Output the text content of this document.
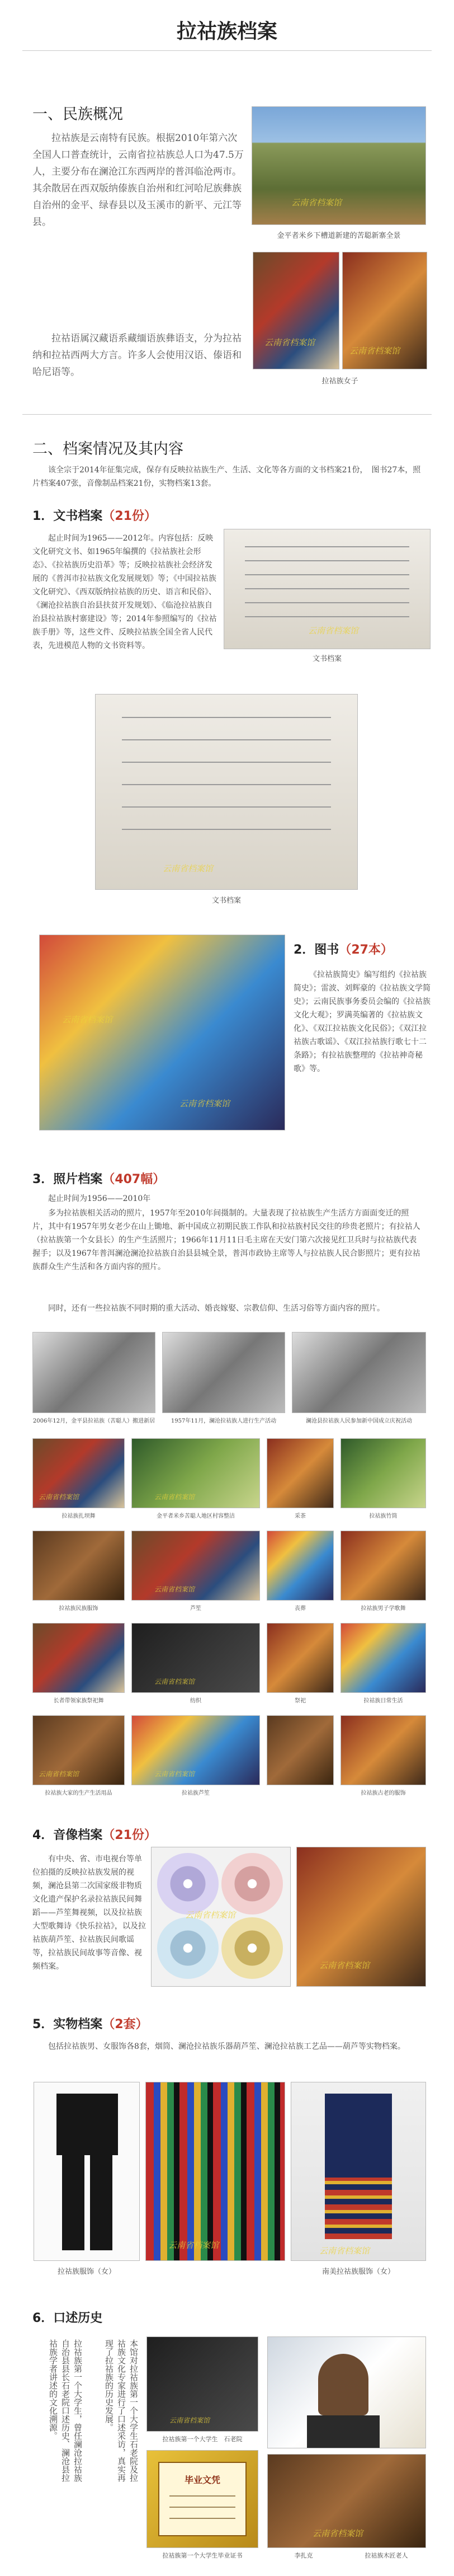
拉祜族档案
一、民族概况

拉祜族是云南特有民族。根据2010年第六次全国人口普查统计，云南省拉祜族总人口为47.5万人，主要分布在澜沧江东西两岸的普洱临沧两市。其余散居在西双版纳傣族自治州和红河哈尼族彝族自治州的金平、绿春县以及玉溪市的新平、元江等县。

拉祜语属汉藏语系藏缅语族彝语支，分为拉祜纳和拉祜西两大方言。许多人会使用汉语、傣语和哈尼语等。

云南省档案馆
金平者米乡下槽道新建的苦聪新寨全景
云南省档案馆
云南省档案馆
拉祜族女子
二、档案情况及其内容

该全宗于2014年征集完成，保存有反映拉祜族生产、生活、文化等各方面的文书档案21份，　图书27本，照片档案407张，音像制品档案21份，实物档案13套。

1．文书档案（21份）

起止时间为1965——2012年。内容包括：反映文化研究文书、如1965年编撰的《拉祜族社会形态》、《拉祜族历史沿革》等；反映拉祜族社会经济发展的《普洱市拉祜族文化发展规划》等；《中国拉祜族文化研究》、《西双版纳拉祜族的历史、语言和民俗》、《澜沧拉祜族自治县扶贫开发规划》、《临沧拉祜族自治县拉祜族村寨建设》等；2014年参照编写的《拉祜族手册》等，这些文件、反映拉祜族全国全省人民代表，先进模范人物的文书资料等。

云南省档案馆
文书档案
云南省档案馆
文书档案
云南省档案馆
云南省档案馆
2．图书（27本）

《拉祜族简史》编写组约《拉祜族简史》；雷波、刘辉豪的《拉祜族文学简史》；云南民族事务委员会编的《拉祜族文化大观》；罗满英编著的《拉祜族文化》、《双江拉祜族文化民俗》；《双江拉祜族古歌谣》、《双江拉祜族行歌七十二条路》；有拉祜族整理的《拉祜神奇秘歌》等。

3．照片档案（407幅）

起止时间为1956——2010年

多为拉祜族相关活动的照片，1957年至2010年间摄制的。大量表现了拉祜族生产生活方方面面变迁的照片，其中有1957年男女老少在山上锄地、新中国成立初期民族工作队和拉祜族村民交往的珍贵老照片；有拉祜人（拉祜族第一个女县长）的生产生活照片；1966年11月11日毛主席在天安门第六次接见红卫兵时与拉祜族代表握手；以及1967年普洱澜沧澜沧拉祜族自治县县城全景，普洱市政协主席等人与拉祜族人民合影照片；更有拉祜族群众生产生活和各方面内容的照片。

同时，还有一些拉祜族不同时期的重大活动、婚丧嫁娶、宗教信仰、生活习俗等方面内容的照片。

2006年12月，金平县拉祜族（苦聪人）搬进新居	1957年11月，澜沧拉祜族人进行生产活动	澜沧县拉祜族人民参加新中国成立庆祝活动
云南省档案馆	云南省档案馆
拉祜族扎坝舞	金平者米乡苦聪人地区村容整洁	采茶	拉祜族竹筒
云南省档案馆
拉祜族民族服饰	芦笙	丧葬	拉祜族男子学歌舞
云南省档案馆
长者带领家族祭祀舞	纺织	祭祀	拉祜族日常生活
云南省档案馆	云南省档案馆
拉祜族大家的生产生活用品	拉祜族芦笙	拉祜族古老的服饰
4．音像档案（21份）

有中央、省、市电视台等单位拍摄的反映拉祜族发展的视频，澜沧县第二次国家级非物质文化遗产保护名录拉祜族民间舞蹈——芦笙舞视频，以及拉祜族大型歌舞诗《快乐拉祜》，以及拉祜族葫芦笙、拉祜族民间歌谣等，拉祜族民间故事等音像、视频档案。

云南省档案馆
云南省档案馆
5．实物档案（2套）

包括拉祜族男、女服饰各8套，烟筒、澜沧拉祜族乐器葫芦笙、澜沧拉祜族工艺品——葫芦等实物档案。

云南省档案馆
云南省档案馆
拉祜族服饰（女）	南美拉祜族服饰（女）
6．口述历史
拉祜族第一个大学生，曾任澜沧拉祜族自治县县长石老院口述历史、澜沧县拉祜族学者讲述的文化溯源。	本馆对拉祜族第一个大学生石老院及拉祜族文化专家进行了口述采访，真实再现了拉祜族的历史发展。	云南省档案馆
拉祜族第一个大学生　石老院
毕业文凭
拉祜族第一个大学生毕业证书
云南省档案馆
李扎克	拉祜族木匠老人
